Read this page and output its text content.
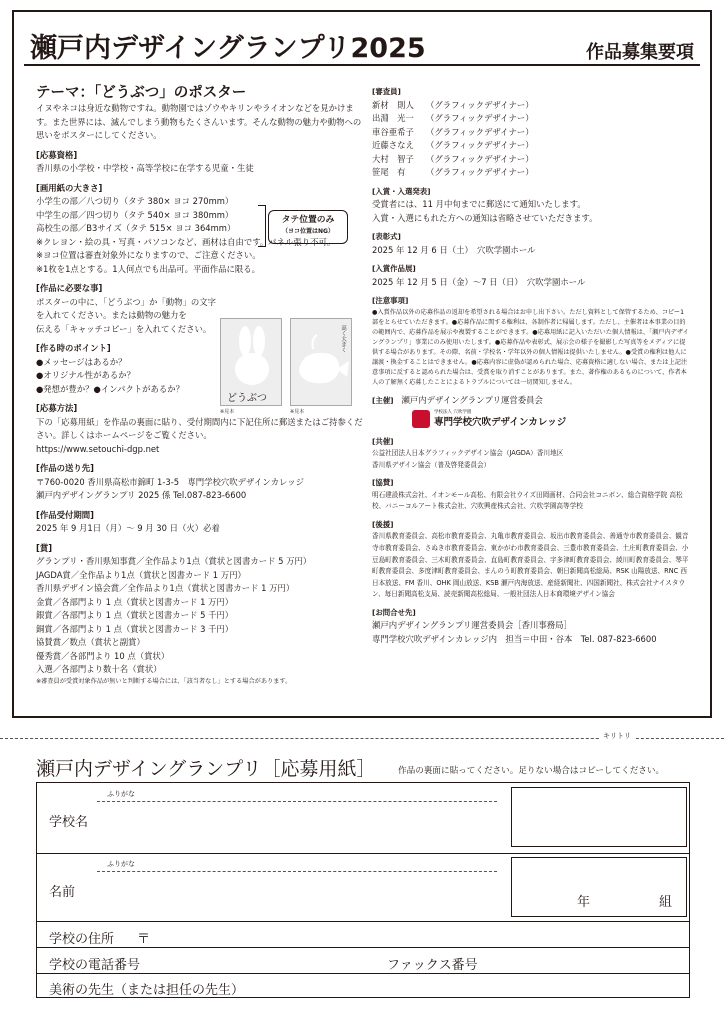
瀬戸内デザイングランプリ2025	作品募集要項
テーマ：「どうぶつ」のポスター
イヌやネコは身近な動物ですね。動物園ではゾウやキリンやライオンなどを見かけます。また世界には、滅んでしまう動物もたくさんいます。そんな動物の魅力や動物への思いをポスターにしてください。
[応募資格]
香川県の小学校・中学校・高等学校に在学する児童・生徒
[画用紙の大きさ]
小学生の部／八つ切り（タテ 380× ヨコ 270mm）
中学生の部／四つ切り（タテ 540× ヨコ 380mm）
高校生の部／B3サイズ（タテ 515× ヨコ 364mm）
※クレヨン・絵の具・写真・パソコンなど、画材は自由です。パネル張り不可。
※ヨコ位置は審査対象外になりますので、ご注意ください。
※1枚を1点とする。1人何点でも出品可。平面作品に限る。
[作品に必要な事]
ポスターの中に、「どうぶつ」か「動物」の文字
を入れてください。または動物の魅力を
伝える「キャッチコピー」を入れてください。
[作る時のポイント]
●メッセージはあるか？
●オリジナル性があるか？
●発想が豊か？●インパクトがあるか？
[応募方法]
下の「応募用紙」を作品の裏面に貼り、受付期間内に下記住所に郵送またはご持参ください。詳しくはホームページをご覧ください。
https://www.setouchi-dgp.net
[作品の送り先]
〒760-0020 香川県高松市錦町 1-3-5　専門学校穴吹デザインカレッジ
瀬戸内デザイングランプリ 2025 係 Tel.087-823-6600
[作品受付期間]
2025 年 9 月1日（月）～ 9 月 30 日（火）必着
[賞]
グランプリ・香川県知事賞／全作品より1点（賞状と図書カード 5 万円）
JAGDA賞／全作品より1点（賞状と図書カード 1 万円）
香川県デザイン協会賞／全作品より1点（賞状と図書カード 1 万円）
金賞／各部門より 1 点（賞状と図書カード 1 万円）
銀賞／各部門より 1 点（賞状と図書カード 5 千円）
銅賞／各部門より 1 点（賞状と図書カード 3 千円）
協賛賞／数点（賞状と副賞）
優秀賞／各部門より 10 点（賞状）
入選／各部門より数十名（賞状）
※審査員が受賞対象作品が無いと判断する場合には、「該当者なし」とする場合があります。
タテ位置のみ
（ヨコ位置はNG）
どうぶつ
高く大きく
※見本	※見本
[審査員]
新材　則人	（グラフィックデザイナー）
出淵　光一	（グラフィックデザイナー）
車谷亜希子	（グラフィックデザイナー）
近藤さなえ	（グラフィックデザイナー）
大村　智子	（グラフィックデザイナー）
笹尾　有	（グラフィックデザイナー）
[入賞・入選発表]
受賞者には、11 月中旬までに郵送にて通知いたします。
入賞・入選にもれた方への通知は省略させていただきます。
[表彰式]
2025 年 12 月 6 日（土）　穴吹学園ホール
[入賞作品展]
2025 年 12 月 5 日（金）～7 日（日）　穴吹学園ホール
[注意事項]
●入賞作品以外の応募作品の返却を希望される場合はお申し出下さい。ただし資料として保管するため、コピー1部をとらせていただきます。●応募作品に関する権利は、各制作者に帰属します。ただし、主催者は本事業の目的の範囲内で、応募作品を展示や複製することができます。●応募用紙に記入いただいた個人情報は、「瀬戸内デザイングランプリ」事業にのみ使用いたします。●応募作品や表彰式、展示会の様子を撮影した写真等をメディアに提供する場合があります。その際、名前・学校名・学年以外の個人情報は提供いたしません。●受賞の権利は他人に譲渡・換金することはできません。●応募内容に虚偽が認められた場合、応募資格に適しない場合、または上記注意事項に反すると認められた場合は、受賞を取り消すことがあります。また、著作権のあるものについて、作者本人の了解無く応募したことによるトラブルについては一切関知しません。
[主催] 瀬戸内デザイングランプリ運営委員会
学校法人 穴吹学園
専門学校穴吹デザインカレッジ
[共催]
公益社団法人日本グラフィックデザイン協会（JAGDA）香川地区
香川県デザイン協会（普及啓発委員会）
[協賛]
明石建設株式会社、イオンモール高松、有限会社ウイズ田岡画材、合同会社コニボン、総合資格学院 高松校、バニーコルアート株式会社、穴吹興産株式会社、穴吹学園高等学校
[後援]
香川県教育委員会、高松市教育委員会、丸亀市教育委員会、坂出市教育委員会、善通寺市教育委員会、観音寺市教育委員会、さぬき市教育委員会、東かがわ市教育委員会、三豊市教育委員会、土庄町教育委員会、小豆島町教育委員会、三木町教育委員会、直島町教育委員会、宇多津町教育委員会、綾川町教育委員会、琴平町教育委員会、多度津町教育委員会、まんのう町教育委員会、朝日新聞高松総局、RSK 山陽放送、RNC 西日本放送、FM 香川、OHK 岡山放送、KSB 瀬戸内海放送、産経新聞社、四国新聞社、株式会社ナイスタウン、毎日新聞高松支局、読売新聞高松総局、一般社団法人日本商環境デザイン協会
[お問合せ先]
瀬戸内デザイングランプリ運営委員会［香川事務局］
専門学校穴吹デザインカレッジ内　担当＝中田・谷本　Tel. 087-823-6600
キリトリ
瀬戸内デザイングランプリ［応募用紙］	作品の裏面に貼ってください。足りない場合はコピーしてください。
ふりがな
学校名
ふりがな
名前
年	組
学校の住所 〒
学校の電話番号	ファックス番号
美術の先生（または担任の先生）
